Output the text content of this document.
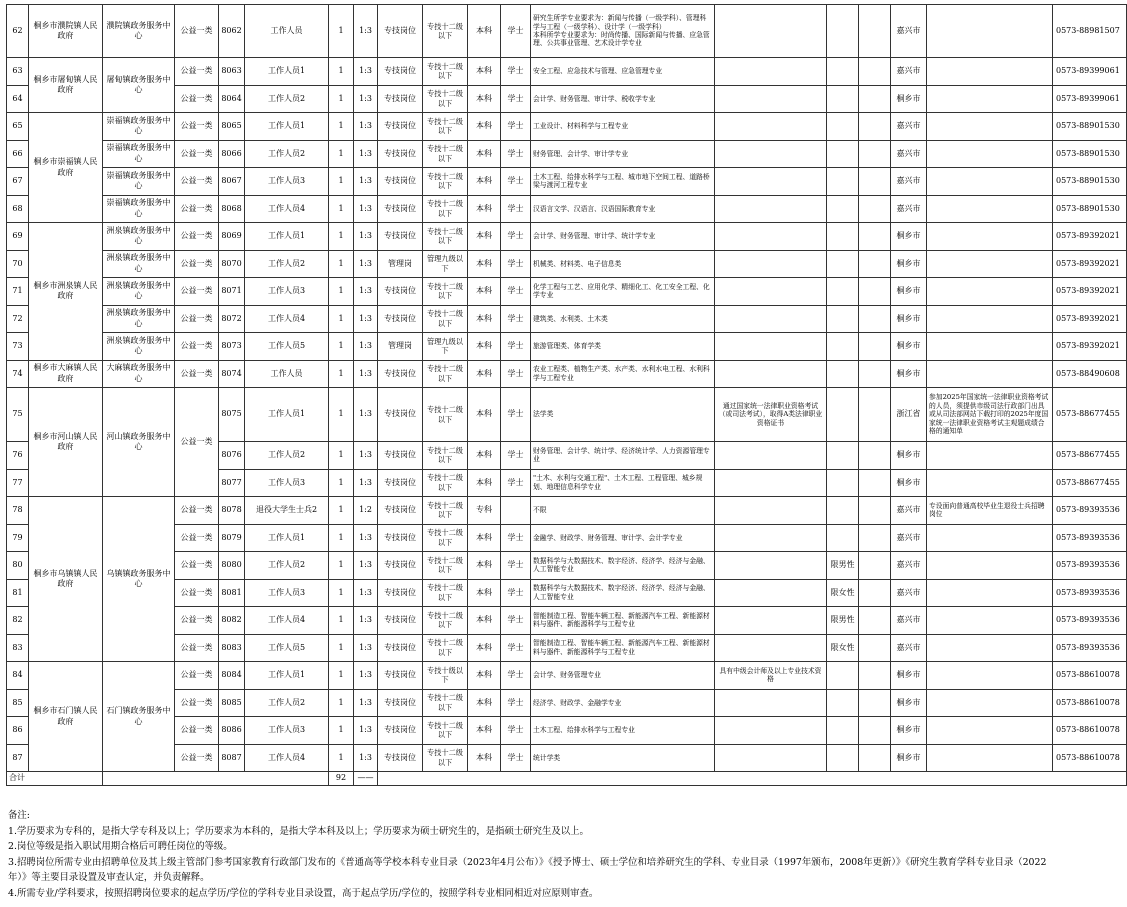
62	桐乡市濮院镇人民政府	濮院镇政务服务中心	公益一类	8062	工作人员	1	1:3	专技岗位	专技十二级以下	本科	学士	研究生所学专业要求为：新闻与传播（一级学科）、管理科学与工程（一级学科）、设计学（一级学科）
本科所学专业要求为：时尚传播、国际新闻与传播、应急管理、公共事业管理、艺术设计学专业				嘉兴市		0573-88981507
63	桐乡市屠甸镇人民政府	屠甸镇政务服务中心	公益一类	8063	工作人员1	1	1:3	专技岗位	专技十二级以下	本科	学士	安全工程、应急技术与管理、应急管理专业				嘉兴市		0573-89399061
64			公益一类	8064	工作人员2	1	1:3	专技岗位	专技十二级以下	本科	学士	会计学、财务管理、审计学、税收学专业				桐乡市		0573-89399061
65	桐乡市崇福镇人民政府	崇福镇政务服务中心	公益一类	8065	工作人员1	1	1:3	专技岗位	专技十二级以下	本科	学士	工业设计、材料科学与工程专业				嘉兴市		0573-88901530
66		崇福镇政务服务中心	公益一类	8066	工作人员2	1	1:3	专技岗位	专技十二级以下	本科	学士	财务管理、会计学、审计学专业				嘉兴市		0573-88901530
67		崇福镇政务服务中心	公益一类	8067	工作人员3	1	1:3	专技岗位	专技十二级以下	本科	学士	土木工程、给排水科学与工程、城市地下空间工程、道路桥梁与渡河工程专业				嘉兴市		0573-88901530
68		崇福镇政务服务中心	公益一类	8068	工作人员4	1	1:3	专技岗位	专技十二级以下	本科	学士	汉语言文学、汉语言、汉语国际教育专业				嘉兴市		0573-88901530
69	桐乡市洲泉镇人民政府	洲泉镇政务服务中心	公益一类	8069	工作人员1	1	1:3	专技岗位	专技十二级以下	本科	学士	会计学、财务管理、审计学、统计学专业				桐乡市		0573-89392021
70		洲泉镇政务服务中心	公益一类	8070	工作人员2	1	1:3	管理岗	管理九级以下	本科	学士	机械类、材料类、电子信息类				桐乡市		0573-89392021
71		洲泉镇政务服务中心	公益一类	8071	工作人员3	1	1:3	专技岗位	专技十二级以下	本科	学士	化学工程与工艺、应用化学、精细化工、化工安全工程、化学专业				桐乡市		0573-89392021
72		洲泉镇政务服务中心	公益一类	8072	工作人员4	1	1:3	专技岗位	专技十二级以下	本科	学士	建筑类、水利类、土木类				桐乡市		0573-89392021
73		洲泉镇政务服务中心	公益一类	8073	工作人员5	1	1:3	管理岗	管理九级以下	本科	学士	旅游管理类、体育学类				桐乡市		0573-89392021
74	桐乡市大麻镇人民政府	大麻镇政务服务中心	公益一类	8074	工作人员	1	1:3	专技岗位	专技十二级以下	本科	学士	农业工程类、植物生产类、水产类、水利水电工程、水利科学与工程专业				桐乡市		0573-88490608
75	桐乡市河山镇人民政府	河山镇政务服务中心	公益一类	8075	工作人员1	1	1:3	专技岗位	专技十二级以下	本科	学士	法学类	通过国家统一法律职业资格考试（或司法考试），取得A类法律职业资格证书			浙江省	参加2025年国家统一法律职业资格考试的人员，须提供市级司法行政部门出具或从司法部网站下载打印的2025年度国家统一法律职业资格考试主观题成绩合格的通知单	0573-88677455
76				8076	工作人员2	1	1:3	专技岗位	专技十二级以下	本科	学士	财务管理、会计学、统计学、经济统计学、人力资源管理专业				桐乡市		0573-88677455
77				8077	工作人员3	1	1:3	专技岗位	专技十二级以下	本科	学士	"土木、水利与交通工程"、土木工程、工程管理、城乡规划、地理信息科学专业				桐乡市		0573-88677455
78	桐乡市乌镇镇人民政府	乌镇镇政务服务中心	公益一类	8078	退役大学生士兵2	1	1:2	专技岗位	专技十二级以下	专科		不限				嘉兴市	专设面向普通高校毕业生退役士兵招聘岗位	0573-89393536
79			公益一类	8079	工作人员1	1	1:3	专技岗位	专技十二级以下	本科	学士	金融学、财政学、财务管理、审计学、会计学专业				嘉兴市		0573-89393536
80			公益一类	8080	工作人员2	1	1:3	专技岗位	专技十二级以下	本科	学士	数据科学与大数据技术、数字经济、经济学、经济与金融、人工智能专业		限男性		嘉兴市		0573-89393536
81			公益一类	8081	工作人员3	1	1:3	专技岗位	专技十二级以下	本科	学士	数据科学与大数据技术、数字经济、经济学、经济与金融、人工智能专业		限女性		嘉兴市		0573-89393536
82			公益一类	8082	工作人员4	1	1:3	专技岗位	专技十二级以下	本科	学士	智能制造工程、智能车辆工程、新能源汽车工程、新能源材料与器件、新能源科学与工程专业		限男性		嘉兴市		0573-89393536
83			公益一类	8083	工作人员5	1	1:3	专技岗位	专技十二级以下	本科	学士	智能制造工程、智能车辆工程、新能源汽车工程、新能源材料与器件、新能源科学与工程专业		限女性		嘉兴市		0573-89393536
84	桐乡市石门镇人民政府	石门镇政务服务中心	公益一类	8084	工作人员1	1	1:3	专技岗位	专技十级以下	本科	学士	会计学、财务管理专业	具有中级会计师及以上专业技术资格			桐乡市		0573-88610078
85			公益一类	8085	工作人员2	1	1:3	专技岗位	专技十二级以下	本科	学士	经济学、财政学、金融学专业				桐乡市		0573-88610078
86			公益一类	8086	工作人员3	1	1:3	专技岗位	专技十二级以下	本科	学士	土木工程、给排水科学与工程专业				桐乡市		0573-88610078
87			公益一类	8087	工作人员4	1	1:3	专技岗位	专技十二级以下	本科	学士	统计学类				桐乡市		0573-88610078
合计						92	——											
备注:
1.学历要求为专科的，是指大学专科及以上；学历要求为本科的，是指大学本科及以上；学历要求为硕士研究生的，是指硕士研究生及以上。
2.岗位等级是指入职试用期合格后可聘任岗位的等级。
3.招聘岗位所需专业由招聘单位及其上级主管部门参考国家教育行政部门发布的《普通高等学校本科专业目录（2023年4月公布）》《授予博士、硕士学位和培养研究生的学科、专业目录（1997年颁布，2008年更新）》《研究生教育学科专业目录（2022
年）》等主要目录设置及审查认定，并负责解释。
4.所需专业/学科要求，按照招聘岗位要求的起点学历/学位的学科专业目录设置，高于起点学历/学位的，按照学科专业相同相近对应原则审查。
